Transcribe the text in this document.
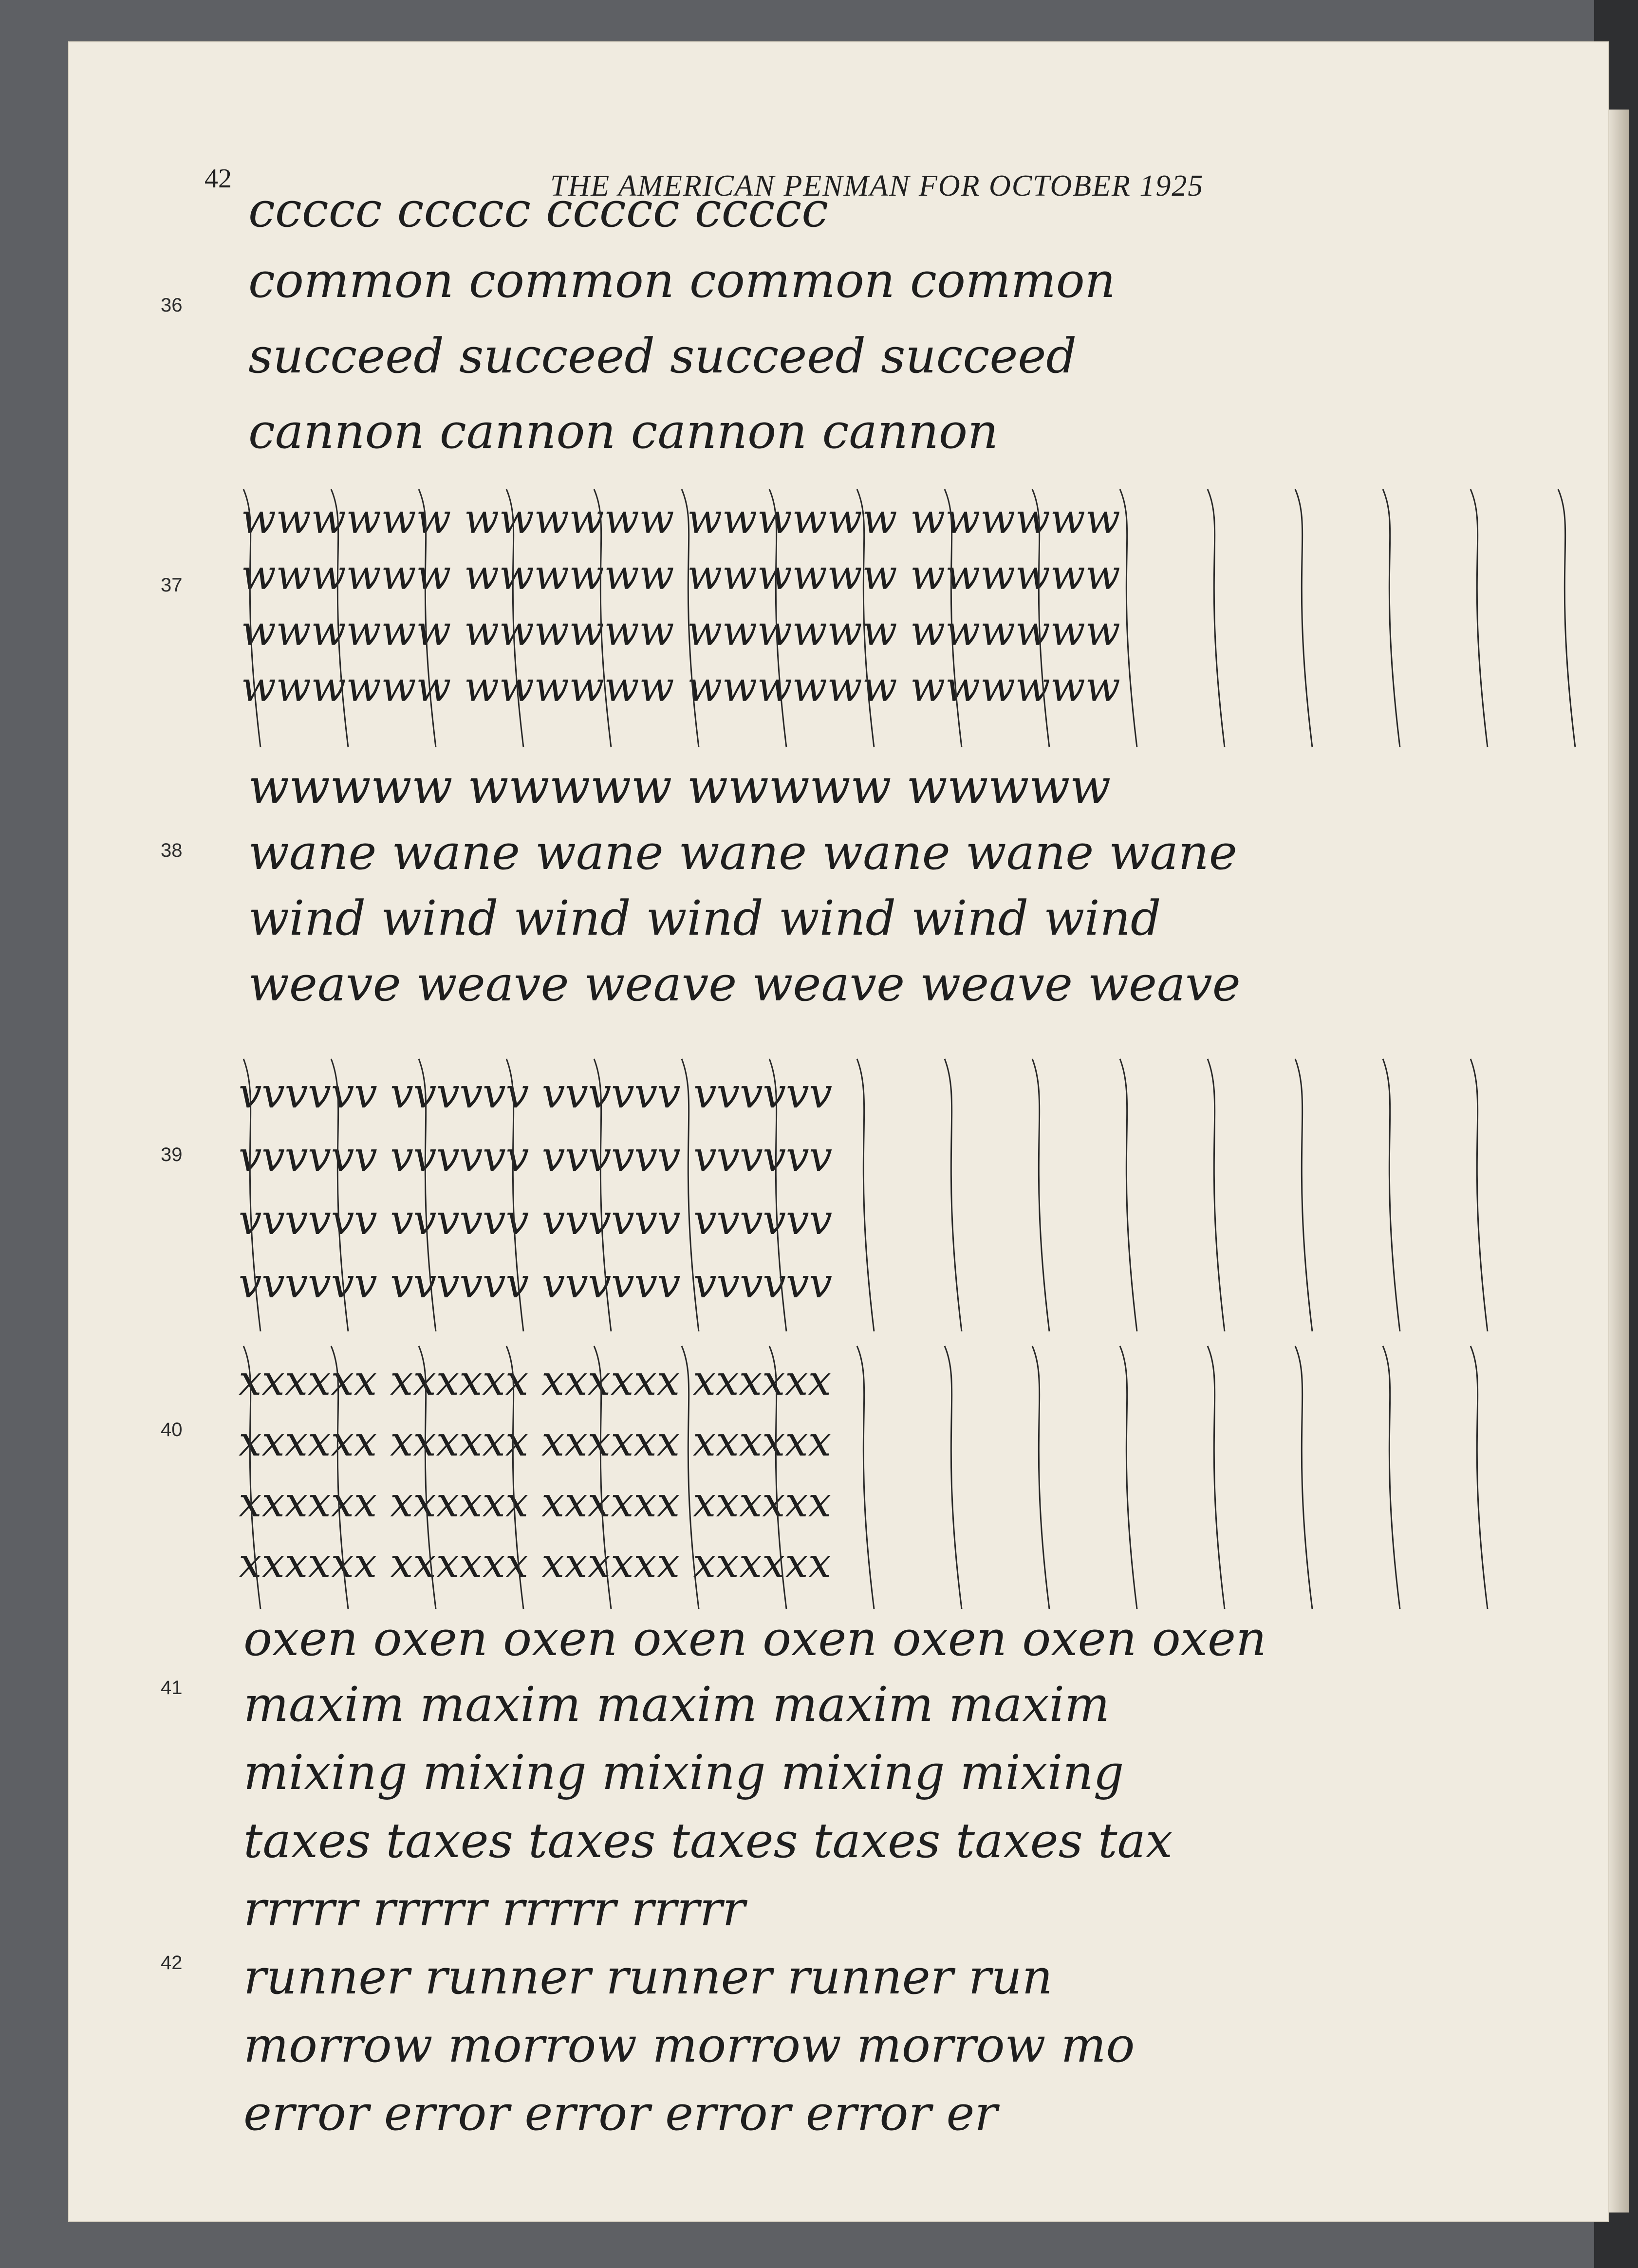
42	THE AMERICAN PENMAN FOR OCTOBER 1925
36
37
38
39
40
41
42
ccccc ccccc ccccc ccccc
common common common common
succeed succeed succeed succeed
cannon cannon cannon cannon
wwwwww wwwwww wwwwww wwwwww
wwwwww wwwwww wwwwww wwwwww
wwwwww wwwwww wwwwww wwwwww
wwwwww wwwwww wwwwww wwwwww
wwwww wwwww wwwww wwwww
wane wane wane wane wane wane wane
wind wind wind wind wind wind wind
weave weave weave weave weave weave
vvvvvv vvvvvv vvvvvv vvvvvv
vvvvvv vvvvvv vvvvvv vvvvvv
vvvvvv vvvvvv vvvvvv vvvvvv
vvvvvv vvvvvv vvvvvv vvvvvv
xxxxxx xxxxxx xxxxxx xxxxxx
xxxxxx xxxxxx xxxxxx xxxxxx
xxxxxx xxxxxx xxxxxx xxxxxx
xxxxxx xxxxxx xxxxxx xxxxxx
oxen oxen oxen oxen oxen oxen oxen oxen
maxim maxim maxim maxim maxim
mixing mixing mixing mixing mixing
taxes taxes taxes taxes taxes taxes tax
rrrrr rrrrr rrrrr rrrrr
runner runner runner runner run
morrow morrow morrow morrow mo
error error error error error er
